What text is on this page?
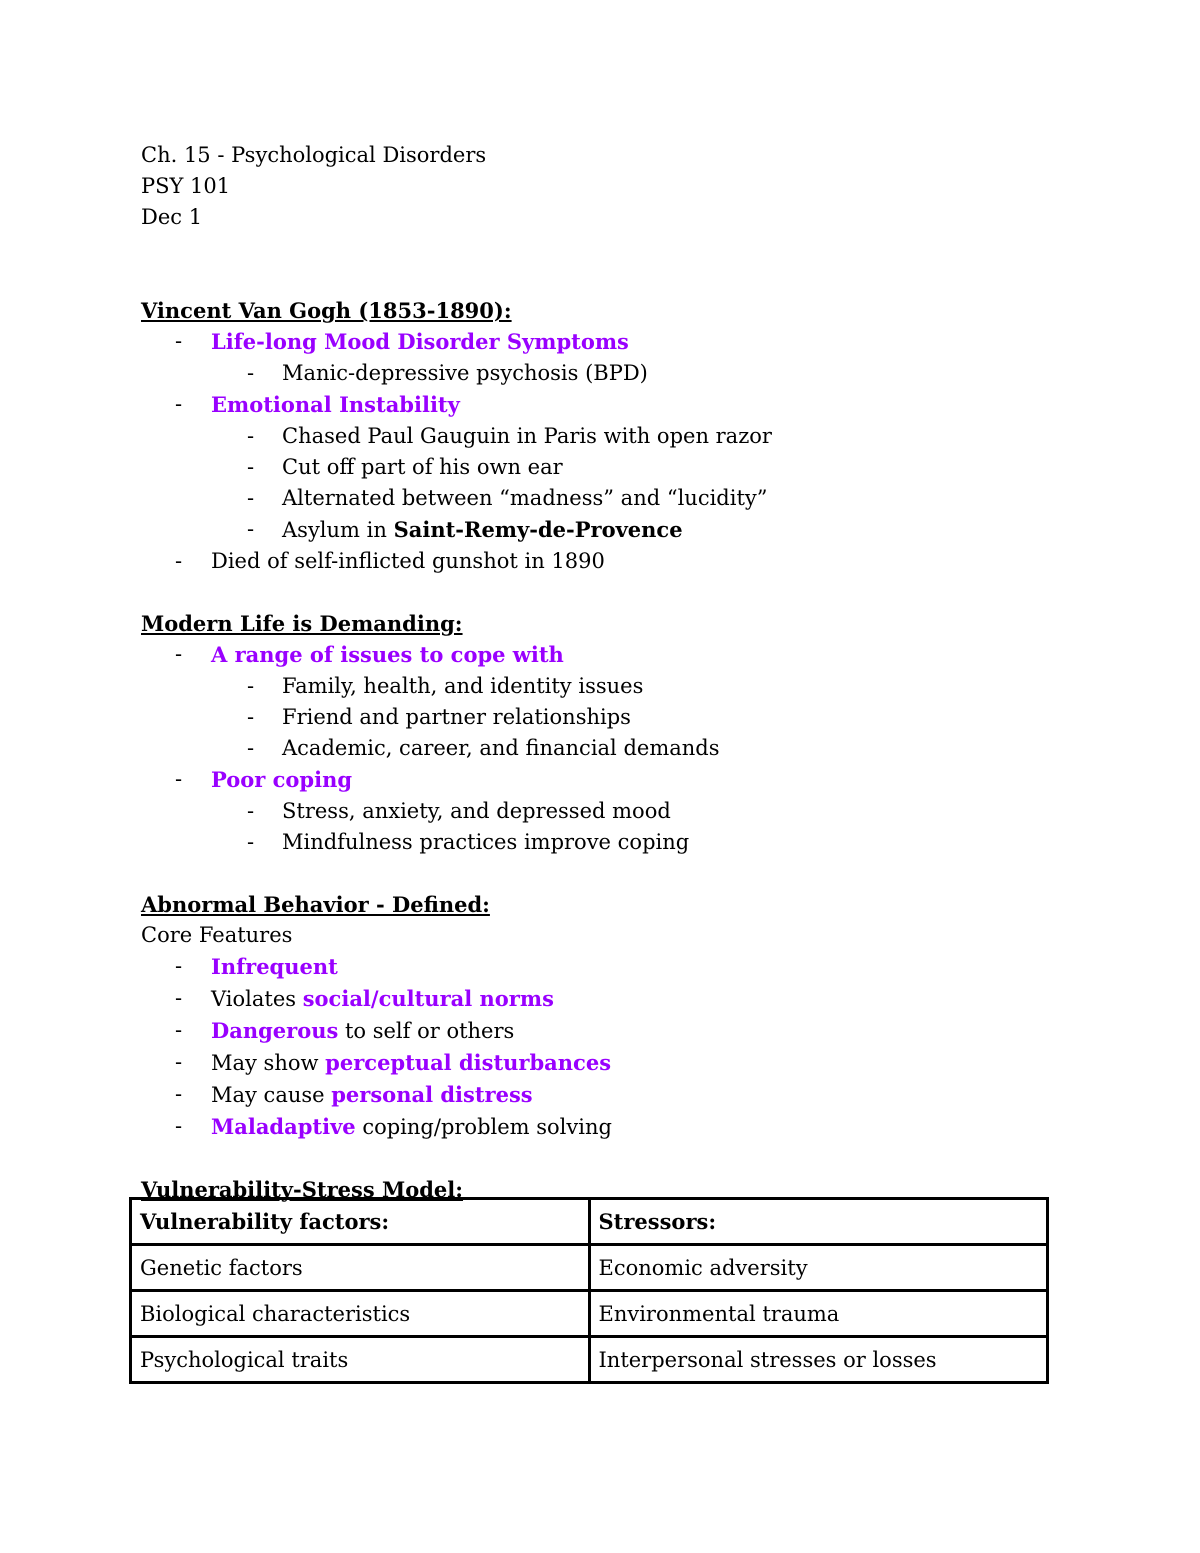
Ch. 15 - Psychological Disorders

PSY 101

Dec 1

Vincent Van Gogh (1853-1890):

- Life-long Mood Disorder Symptoms
- Manic-depressive psychosis (BPD)
- Emotional Instability
- Chased Paul Gauguin in Paris with open razor
- Cut off part of his own ear
- Alternated between “madness” and “lucidity”
- Asylum in Saint-Remy-de-Provence
- Died of self-inflicted gunshot in 1890

Modern Life is Demanding:

- A range of issues to cope with
- Family, health, and identity issues
- Friend and partner relationships
- Academic, career, and financial demands
- Poor coping
- Stress, anxiety, and depressed mood
- Mindfulness practices improve coping

Abnormal Behavior - Defined:

Core Features

- Infrequent
- Violates social/cultural norms
- Dangerous to self or others
- May show perceptual disturbances
- May cause personal distress
- Maladaptive coping/problem solving

Vulnerability-Stress Model:

Vulnerability factors:	Stressors:
Genetic factors	Economic adversity
Biological characteristics	Environmental trauma
Psychological traits	Interpersonal stresses or losses
